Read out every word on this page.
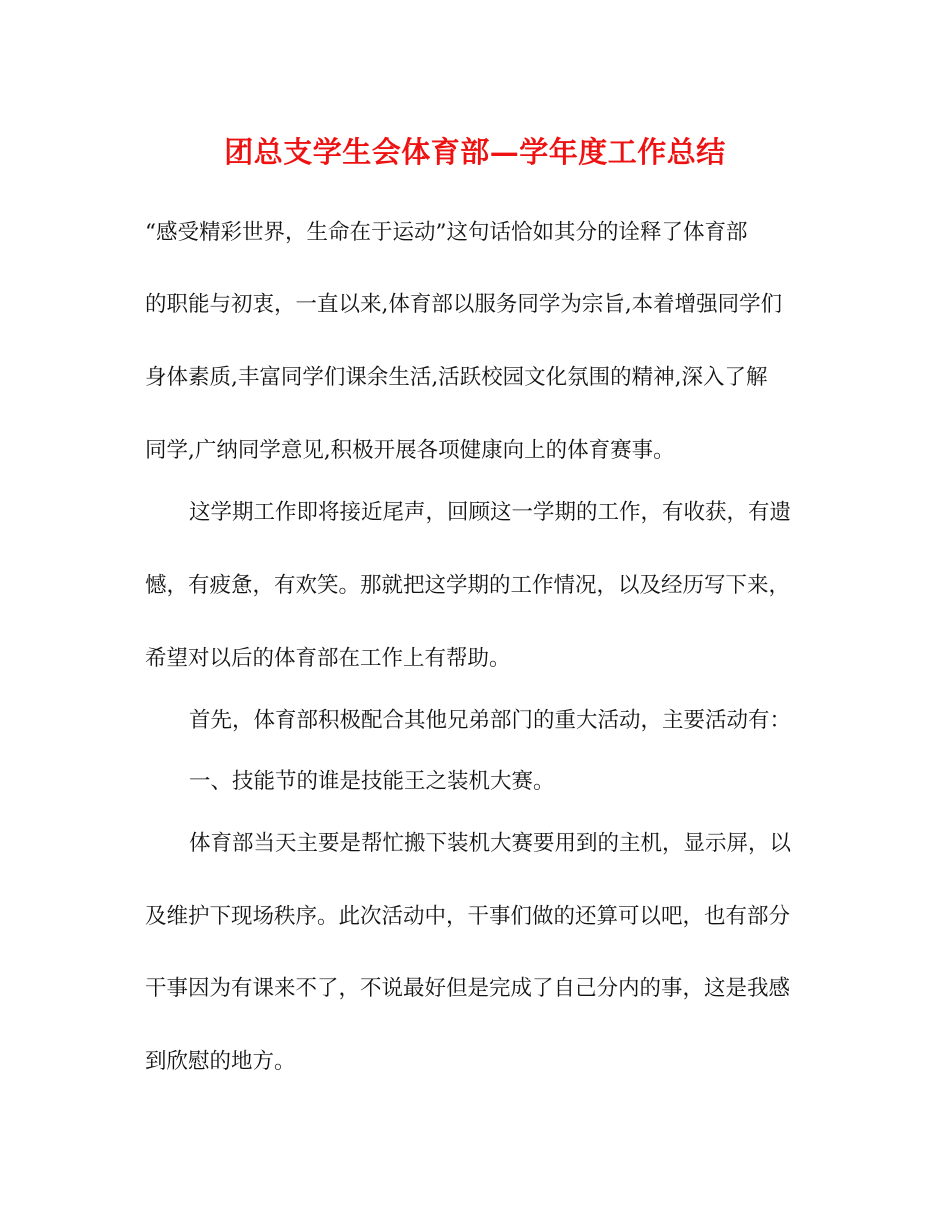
团总支学生会体育部—学年度工作总结
“感受精彩世界，生命在于运动”这句话恰如其分的诠释了体育部
的职能与初衷，一直以来,体育部以服务同学为宗旨,本着增强同学们
身体素质,丰富同学们课余生活,活跃校园文化氛围的精神,深入了解
同学,广纳同学意见,积极开展各项健康向上的体育赛事。
这学期工作即将接近尾声，回顾这一学期的工作，有收获，有遗
憾，有疲惫，有欢笑。那就把这学期的工作情况，以及经历写下来，
希望对以后的体育部在工作上有帮助。
首先，体育部积极配合其他兄弟部门的重大活动，主要活动有：
一、技能节的谁是技能王之装机大赛。
体育部当天主要是帮忙搬下装机大赛要用到的主机，显示屏，以
及维护下现场秩序。此次活动中，干事们做的还算可以吧，也有部分
干事因为有课来不了，不说最好但是完成了自己分内的事，这是我感
到欣慰的地方。
